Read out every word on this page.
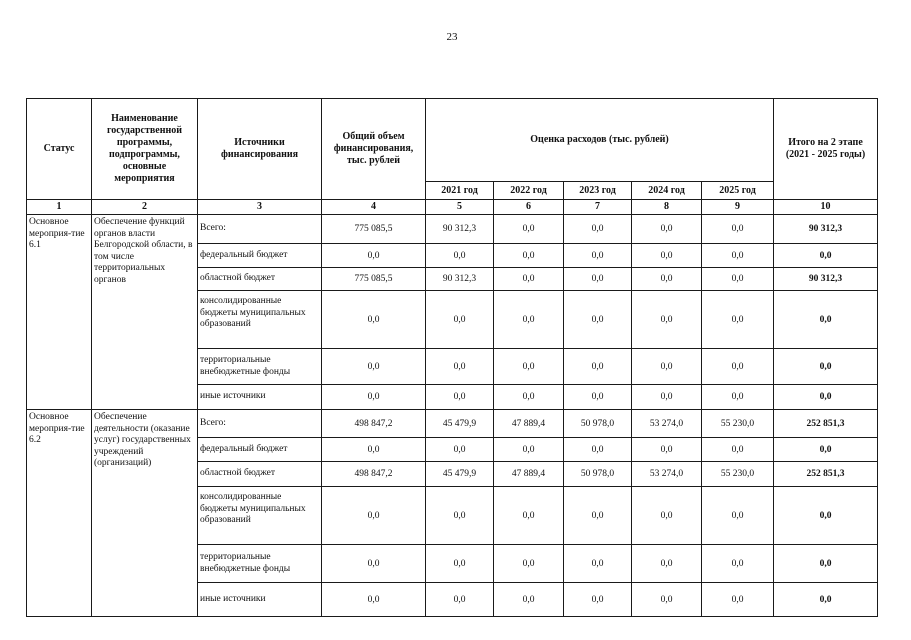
23
Статус
Наименование государственной программы, подпрограммы, основные мероприятия
Источники финансирования
Общий объем финансирования, тыс. рублей
Оценка расходов (тыс. рублей)
2021 год	2022 год	2023 год	2024 год	2025 год
Итого на 2 этапе (2021 - 2025 годы)
1	2	3	4	5	6	7	8	9	10
Основное мероприя-тие 6.1
Обеспечение функций органов власти Белгородской области, в том числе территориальных органов
Всего:	775 085,5	90 312,3	0,0	0,0	0,0	0,0	90 312,3
федеральный бюджет	0,0	0,0	0,0	0,0	0,0	0,0	0,0
областной бюджет	775 085,5	90 312,3	0,0	0,0	0,0	0,0	90 312,3
консолидированные бюджеты муниципальных образований	0,0	0,0	0,0	0,0	0,0	0,0	0,0
территориальные внебюджетные фонды	0,0	0,0	0,0	0,0	0,0	0,0	0,0
иные источники	0,0	0,0	0,0	0,0	0,0	0,0	0,0
Основное мероприя-тие 6.2
Обеспечение деятельности (оказание услуг) государственных учреждений (организаций)
Всего:	498 847,2	45 479,9	47 889,4	50 978,0	53 274,0	55 230,0	252 851,3
федеральный бюджет	0,0	0,0	0,0	0,0	0,0	0,0	0,0
областной бюджет	498 847,2	45 479,9	47 889,4	50 978,0	53 274,0	55 230,0	252 851,3
консолидированные бюджеты муниципальных образований	0,0	0,0	0,0	0,0	0,0	0,0	0,0
территориальные внебюджетные фонды	0,0	0,0	0,0	0,0	0,0	0,0	0,0
иные источники	0,0	0,0	0,0	0,0	0,0	0,0	0,0
